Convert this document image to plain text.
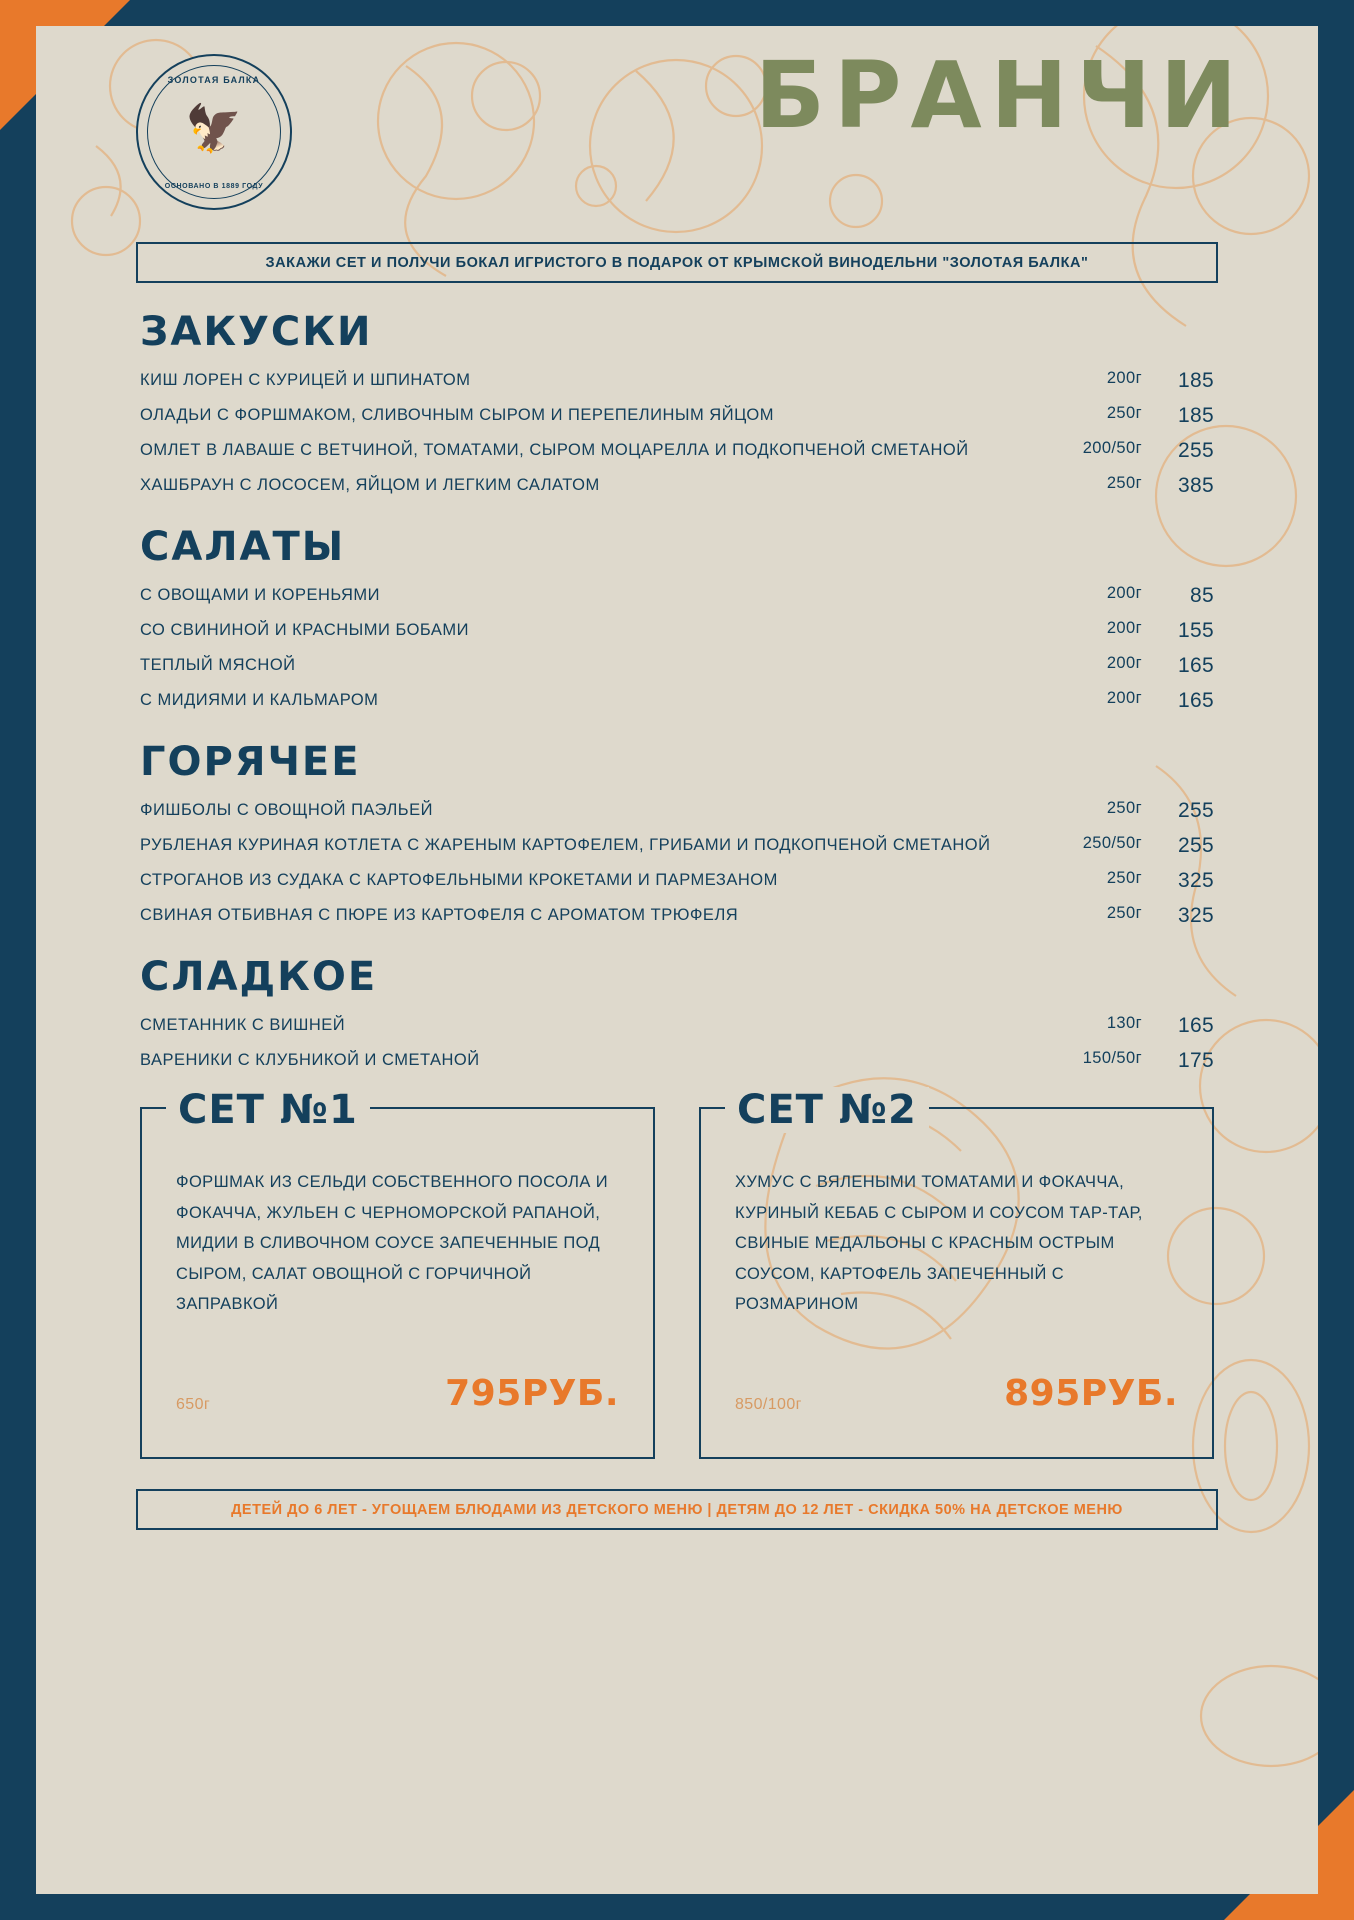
ЗОЛОТАЯ БАЛКА
🦅
ОСНОВАНО В 1889 ГОДУ
БРАНЧИ
ЗАКАЖИ СЕТ И ПОЛУЧИ БОКАЛ ИГРИСТОГО В ПОДАРОК ОТ КРЫМСКОЙ ВИНОДЕЛЬНИ "ЗОЛОТАЯ БАЛКА"
ЗАКУСКИ
КИШ ЛОРЕН С КУРИЦЕЙ И ШПИНАТОМ	200г	185
ОЛАДЬИ С ФОРШМАКОМ, СЛИВОЧНЫМ СЫРОМ И ПЕРЕПЕЛИНЫМ ЯЙЦОМ	250г	185
ОМЛЕТ В ЛАВАШЕ С ВЕТЧИНОЙ, ТОМАТАМИ, СЫРОМ МОЦАРЕЛЛА И ПОДКОПЧЕНОЙ СМЕТАНОЙ	200/50г	255
ХАШБРАУН С ЛОСОСЕМ, ЯЙЦОМ И ЛЕГКИМ САЛАТОМ	250г	385
САЛАТЫ
С ОВОЩАМИ И КОРЕНЬЯМИ	200г	85
СО СВИНИНОЙ И КРАСНЫМИ БОБАМИ	200г	155
ТЕПЛЫЙ МЯСНОЙ	200г	165
С МИДИЯМИ И КАЛЬМАРОМ	200г	165
ГОРЯЧЕЕ
ФИШБОЛЫ С ОВОЩНОЙ ПАЭЛЬЕЙ	250г	255
РУБЛЕНАЯ КУРИНАЯ КОТЛЕТА С ЖАРЕНЫМ КАРТОФЕЛЕМ, ГРИБАМИ И ПОДКОПЧЕНОЙ СМЕТАНОЙ	250/50г	255
СТРОГАНОВ ИЗ СУДАКА С КАРТОФЕЛЬНЫМИ КРОКЕТАМИ И ПАРМЕЗАНОМ	250г	325
СВИНАЯ ОТБИВНАЯ С ПЮРЕ ИЗ КАРТОФЕЛЯ С АРОМАТОМ ТРЮФЕЛЯ	250г	325
СЛАДКОЕ
СМЕТАННИК С ВИШНЕЙ	130г	165
ВАРЕНИКИ С КЛУБНИКОЙ И СМЕТАНОЙ	150/50г	175
СЕТ №1
ФОРШМАК ИЗ СЕЛЬДИ СОБСТВЕННОГО ПОСОЛА И ФОКАЧЧА, ЖУЛЬЕН С ЧЕРНОМОРСКОЙ РАПАНОЙ, МИДИИ В СЛИВОЧНОМ СОУСЕ ЗАПЕЧЕННЫЕ ПОД СЫРОМ, САЛАТ ОВОЩНОЙ С ГОРЧИЧНОЙ ЗАПРАВКОЙ
650г	795РУБ.
СЕТ №2
ХУМУС С ВЯЛЕНЫМИ ТОМАТАМИ И ФОКАЧЧА, КУРИНЫЙ КЕБАБ С СЫРОМ И СОУСОМ ТАР-ТАР, СВИНЫЕ МЕДАЛЬОНЫ С КРАСНЫМ ОСТРЫМ СОУСОМ, КАРТОФЕЛЬ ЗАПЕЧЕННЫЙ С РОЗМАРИНОМ
850/100г	895РУБ.
ДЕТЕЙ ДО 6 ЛЕТ - УГОЩАЕМ БЛЮДАМИ ИЗ ДЕТСКОГО МЕНЮ | ДЕТЯМ ДО 12 ЛЕТ - СКИДКА 50% НА ДЕТСКОЕ МЕНЮ
